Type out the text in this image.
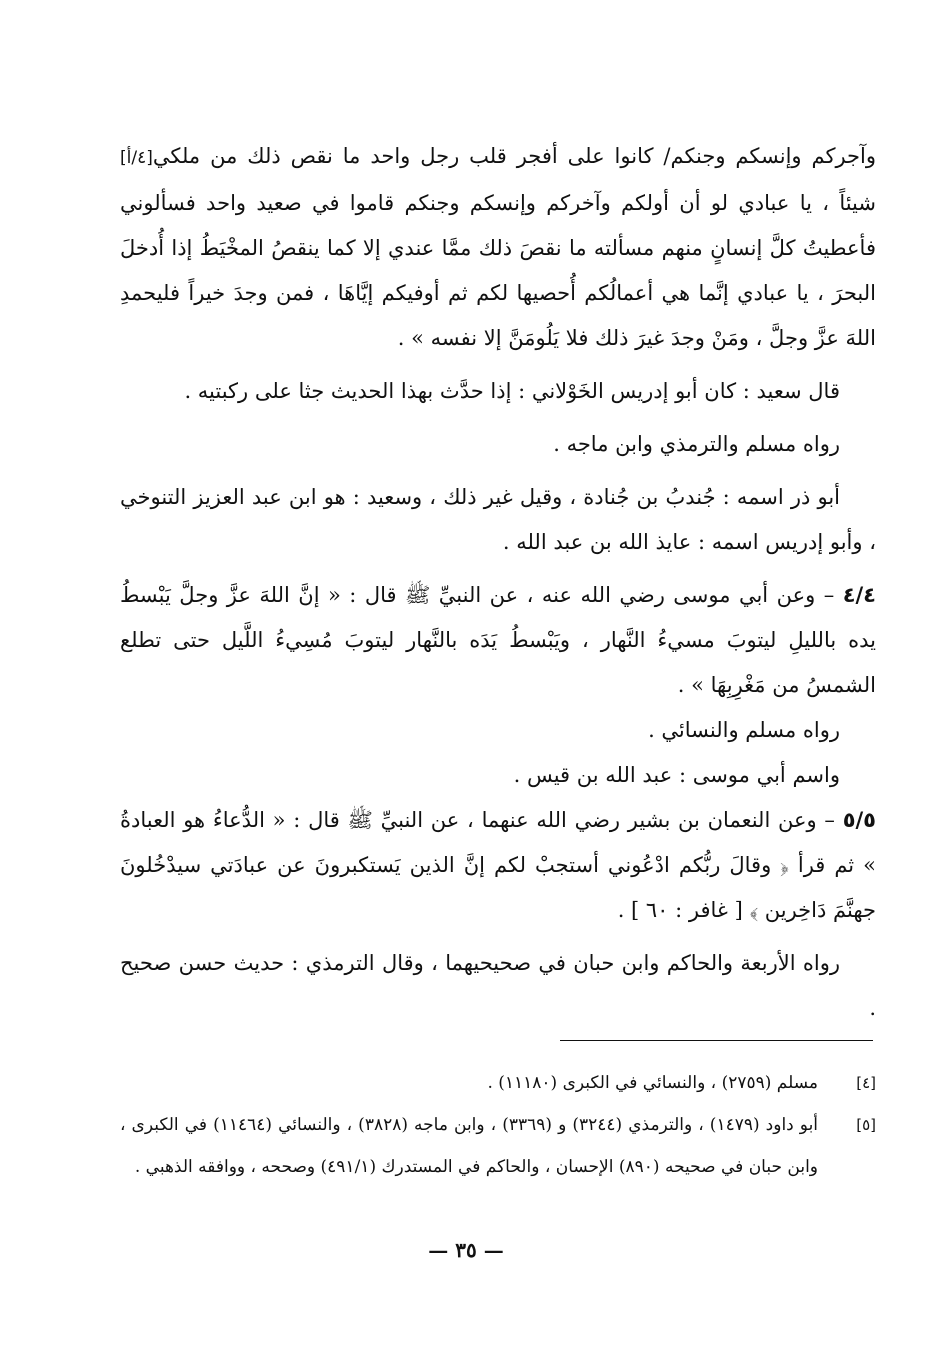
وآجركم وإنسكم وجنكم/ كانوا على أفجر قلب رجل واحد ما نقص ذلك من ملكي[٤/أ] شيئاً ، يا عبادي لو أن أولكم وآخركم وإنسكم وجنكم قاموا في صعيد واحد فسألوني فأعطيتُ كلَّ إنسانٍ منهم مسألته ما نقصَ ذلك ممَّا عندي إلا كما ينقصُ المخْيَطُ إذا أُدخلَ البحرَ ، يا عبادي إنَّما هي أعمالُكم أُحصيها لكم ثم أوفيكم إيَّاهَا ، فمن وجدَ خيراً فليحمدِ اللهَ عزَّ وجلَّ ، ومَنْ وجدَ غيرَ ذلك فلا يَلُومَنَّ إلا نفسه » .

قال سعيد : كان أبو إدريس الخَوْلاني : إذا حدَّث بهذا الحديث جثا على ركبتيه .

رواه مسلم والترمذي وابن ماجه .

أبو ذر اسمه : جُندبُ بن جُنادة ، وقيل غير ذلك ، وسعيد : هو ابن عبد العزيز التنوخي ، وأبو إدريس اسمه : عايذ الله بن عبد الله .

٤/٤ – وعن أبي موسى رضي الله عنه ، عن النبيِّ ﷺ قال : « إنَّ اللهَ عزَّ وجلَّ يَبْسطُ يده بالليلِ ليتوبَ مسيءُ النَّهار ، ويَبْسطُ يَدَه بالنَّهار ليتوبَ مُسِيءُ اللَّيل حتى تطلع الشمسُ من مَغْرِبِهَا » .

رواه مسلم والنسائي .

واسم أبي موسى : عبد الله بن قيس .

٥/٥ – وعن النعمان بن بشير رضي الله عنهما ، عن النبيِّ ﷺ قال : « الدُّعاءُ هو العبادةُ » ثم قرأ ﴿ وقالَ ربُّكم ادْعُوني أستجبْ لكم إنَّ الذين يَستكبرونَ عن عبادَتي سيدْخُلونَ جهنَّمَ دَاخِرين ﴾ [ غافر : ٦٠ ] .

رواه الأربعة والحاكم وابن حبان في صحيحيهما ، وقال الترمذي : حديث حسن صحيح .

[٤]
مسلم (٢٧٥٩) ، والنسائي في الكبرى (١١١٨٠) .
[٥]
أبو داود (١٤٧٩) ، والترمذي (٣٢٤٤) و (٣٣٦٩) ، وابن ماجه (٣٨٢٨) ، والنسائي (١١٤٦٤) في الكبرى ، وابن حبان في صحيحه (٨٩٠) الإحسان ، والحاكم في المستدرك (٤٩١/١) وصححه ، ووافقه الذهبي .
— ٣٥ —
